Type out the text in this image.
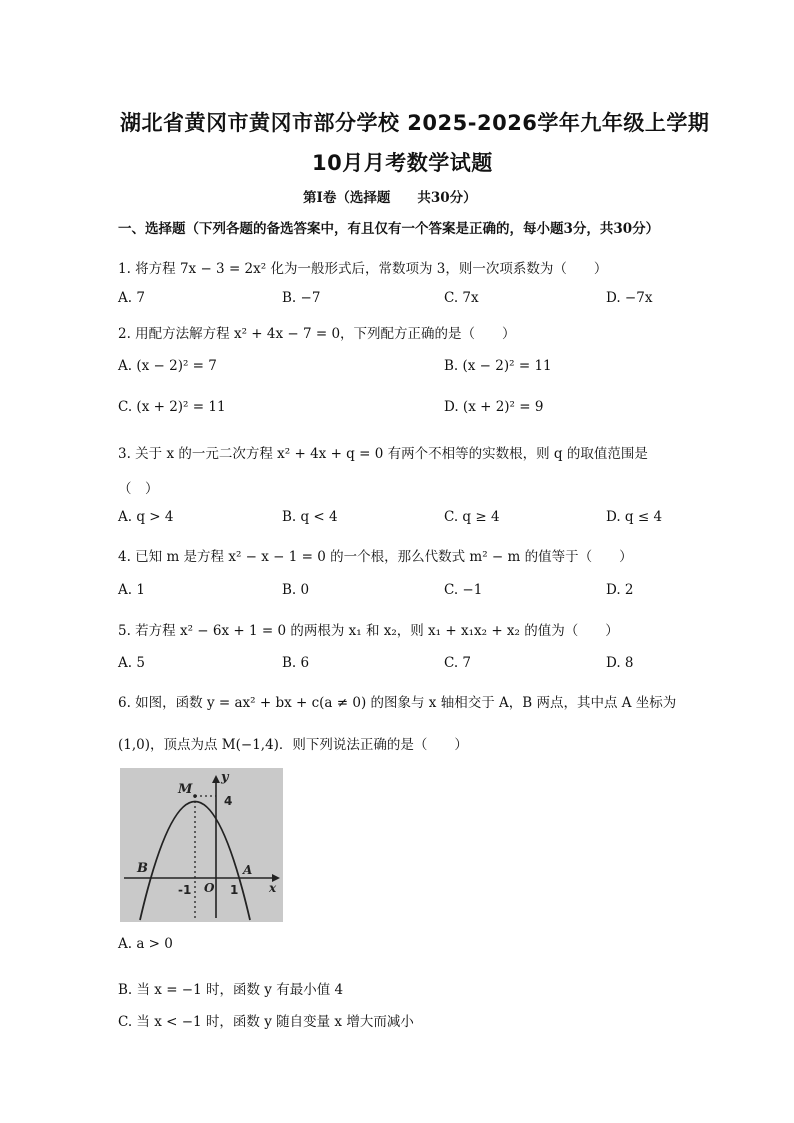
湖北省黄冈市黄冈市部分学校 2025-2026学年九年级上学期
10月月考数学试题
第I卷（选择题　　共30分）
一、选择题（下列各题的备选答案中，有且仅有一个答案是正确的，每小题3分，共30分）
1. 将方程 7x − 3 = 2x² 化为一般形式后，常数项为 3，则一次项系数为（　　）
A. 7	B. −7	C. 7x	D. −7x
2. 用配方法解方程 x² + 4x − 7 = 0，下列配方正确的是（　　）
A. (x − 2)² = 7	B. (x − 2)² = 11
C. (x + 2)² = 11	D. (x + 2)² = 9
3. 关于 x 的一元二次方程 x² + 4x + q = 0 有两个不相等的实数根，则 q 的取值范围是
（　）
A. q > 4	B. q < 4	C. q ≥ 4	D. q ≤ 4
4. 已知 m 是方程 x² − x − 1 = 0 的一个根，那么代数式 m² − m 的值等于（　　）
A. 1	B. 0	C. −1	D. 2
5. 若方程 x² − 6x + 1 = 0 的两根为 x₁ 和 x₂，则 x₁ + x₁x₂ + x₂ 的值为（　　）
A. 5	B. 6	C. 7	D. 8
6. 如图，函数 y = ax² + bx + c(a ≠ 0) 的图象与 x 轴相交于 A，B 两点，其中点 A 坐标为
(1,0)，顶点为点 M(−1,4)．则下列说法正确的是（　　）
M
y
4
B	A
O
-1	1	x
A. a > 0
B. 当 x = −1 时，函数 y 有最小值 4
C. 当 x < −1 时，函数 y 随自变量 x 增大而减小
